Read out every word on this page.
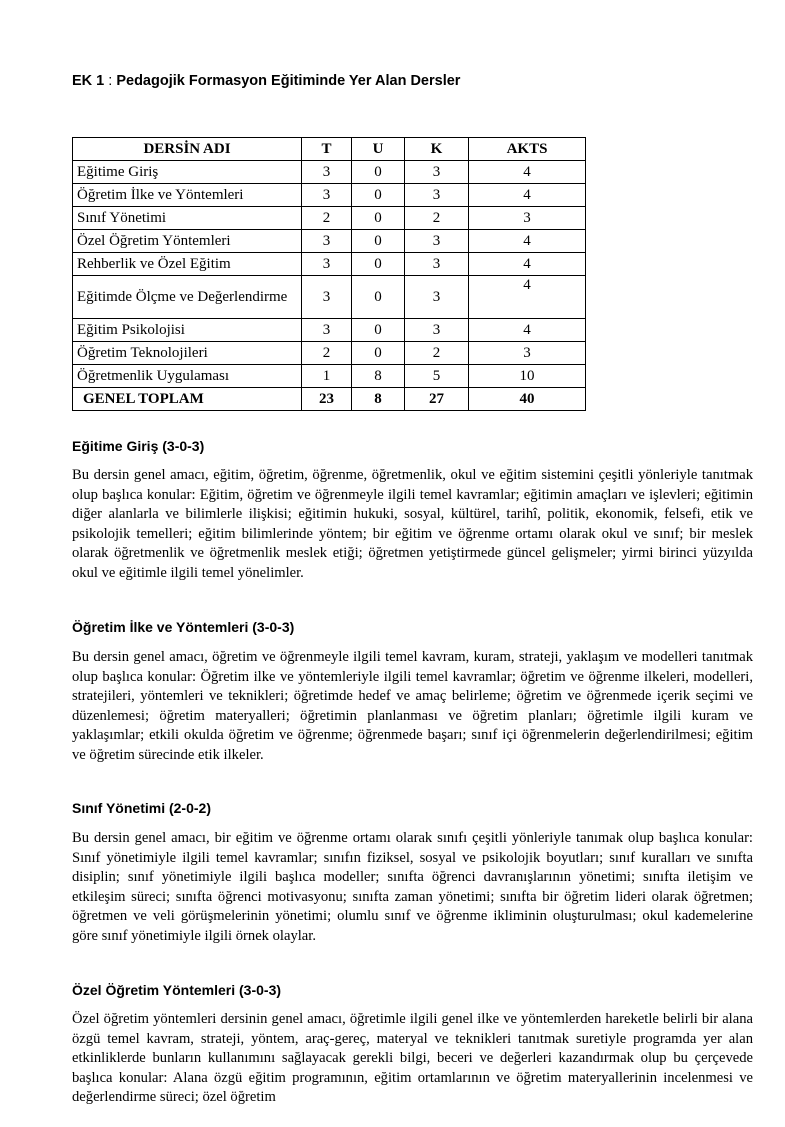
EK 1 : Pedagojik Formasyon Eğitiminde Yer Alan Dersler
DERSİN ADI	T	U	K	AKTS
Eğitime Giriş	3	0	3	4
Öğretim İlke ve Yöntemleri	3	0	3	4
Sınıf Yönetimi	2	0	2	3
Özel Öğretim Yöntemleri	3	0	3	4
Rehberlik ve Özel Eğitim	3	0	3	4
Eğitimde Ölçme ve Değerlendirme	3	0	3	4
Eğitim Psikolojisi	3	0	3	4
Öğretim Teknolojileri	2	0	2	3
Öğretmenlik Uygulaması	1	8	5	10
GENEL TOPLAM	23	8	27	40
Eğitime Giriş (3-0-3)
Bu dersin genel amacı, eğitim, öğretim, öğrenme, öğretmenlik, okul ve eğitim sistemini çeşitli yönleriyle tanıtmak olup başlıca konular: Eğitim, öğretim ve öğrenmeyle ilgili temel kavramlar; eğitimin amaçları ve işlevleri; eğitimin diğer alanlarla ve bilimlerle ilişkisi; eğitimin hukuki, sosyal, kültürel, tarihî, politik, ekonomik, felsefi, etik ve psikolojik temelleri; eğitim bilimlerinde yöntem; bir eğitim ve öğrenme ortamı olarak okul ve sınıf; bir meslek olarak öğretmenlik ve öğretmenlik meslek etiği; öğretmen yetiştirmede güncel gelişmeler; yirmi birinci yüzyılda okul ve eğitimle ilgili temel yönelimler.
Öğretim İlke ve Yöntemleri (3-0-3)
Bu dersin genel amacı, öğretim ve öğrenmeyle ilgili temel kavram, kuram, strateji, yaklaşım ve modelleri tanıtmak olup başlıca konular: Öğretim ilke ve yöntemleriyle ilgili temel kavramlar; öğretim ve öğrenme ilkeleri, modelleri, stratejileri, yöntemleri ve teknikleri; öğretimde hedef ve amaç belirleme; öğretim ve öğrenmede içerik seçimi ve düzenlemesi; öğretim materyalleri; öğretimin planlanması ve öğretim planları; öğretimle ilgili kuram ve yaklaşımlar; etkili okulda öğretim ve öğrenme; öğrenmede başarı; sınıf içi öğrenmelerin değerlendirilmesi; eğitim ve öğretim sürecinde etik ilkeler.
Sınıf Yönetimi (2-0-2)
Bu dersin genel amacı, bir eğitim ve öğrenme ortamı olarak sınıfı çeşitli yönleriyle tanımak olup başlıca konular: Sınıf yönetimiyle ilgili temel kavramlar; sınıfın fiziksel, sosyal ve psikolojik boyutları; sınıf kuralları ve sınıfta disiplin; sınıf yönetimiyle ilgili başlıca modeller; sınıfta öğrenci davranışlarının yönetimi; sınıfta iletişim ve etkileşim süreci; sınıfta öğrenci motivasyonu; sınıfta zaman yönetimi; sınıfta bir öğretim lideri olarak öğretmen; öğretmen ve veli görüşmelerinin yönetimi; olumlu sınıf ve öğrenme ikliminin oluşturulması; okul kademelerine göre sınıf yönetimiyle ilgili örnek olaylar.
Özel Öğretim Yöntemleri (3-0-3)
Özel öğretim yöntemleri dersinin genel amacı, öğretimle ilgili genel ilke ve yöntemlerden hareketle belirli bir alana özgü temel kavram, strateji, yöntem, araç-gereç, materyal ve teknikleri tanıtmak suretiyle programda yer alan etkinliklerde bunların kullanımını sağlayacak gerekli bilgi, beceri ve değerleri kazandırmak olup bu çerçevede başlıca konular: Alana özgü eğitim programının, eğitim ortamlarının ve öğretim materyallerinin incelenmesi ve değerlendirme süreci; özel öğretim
